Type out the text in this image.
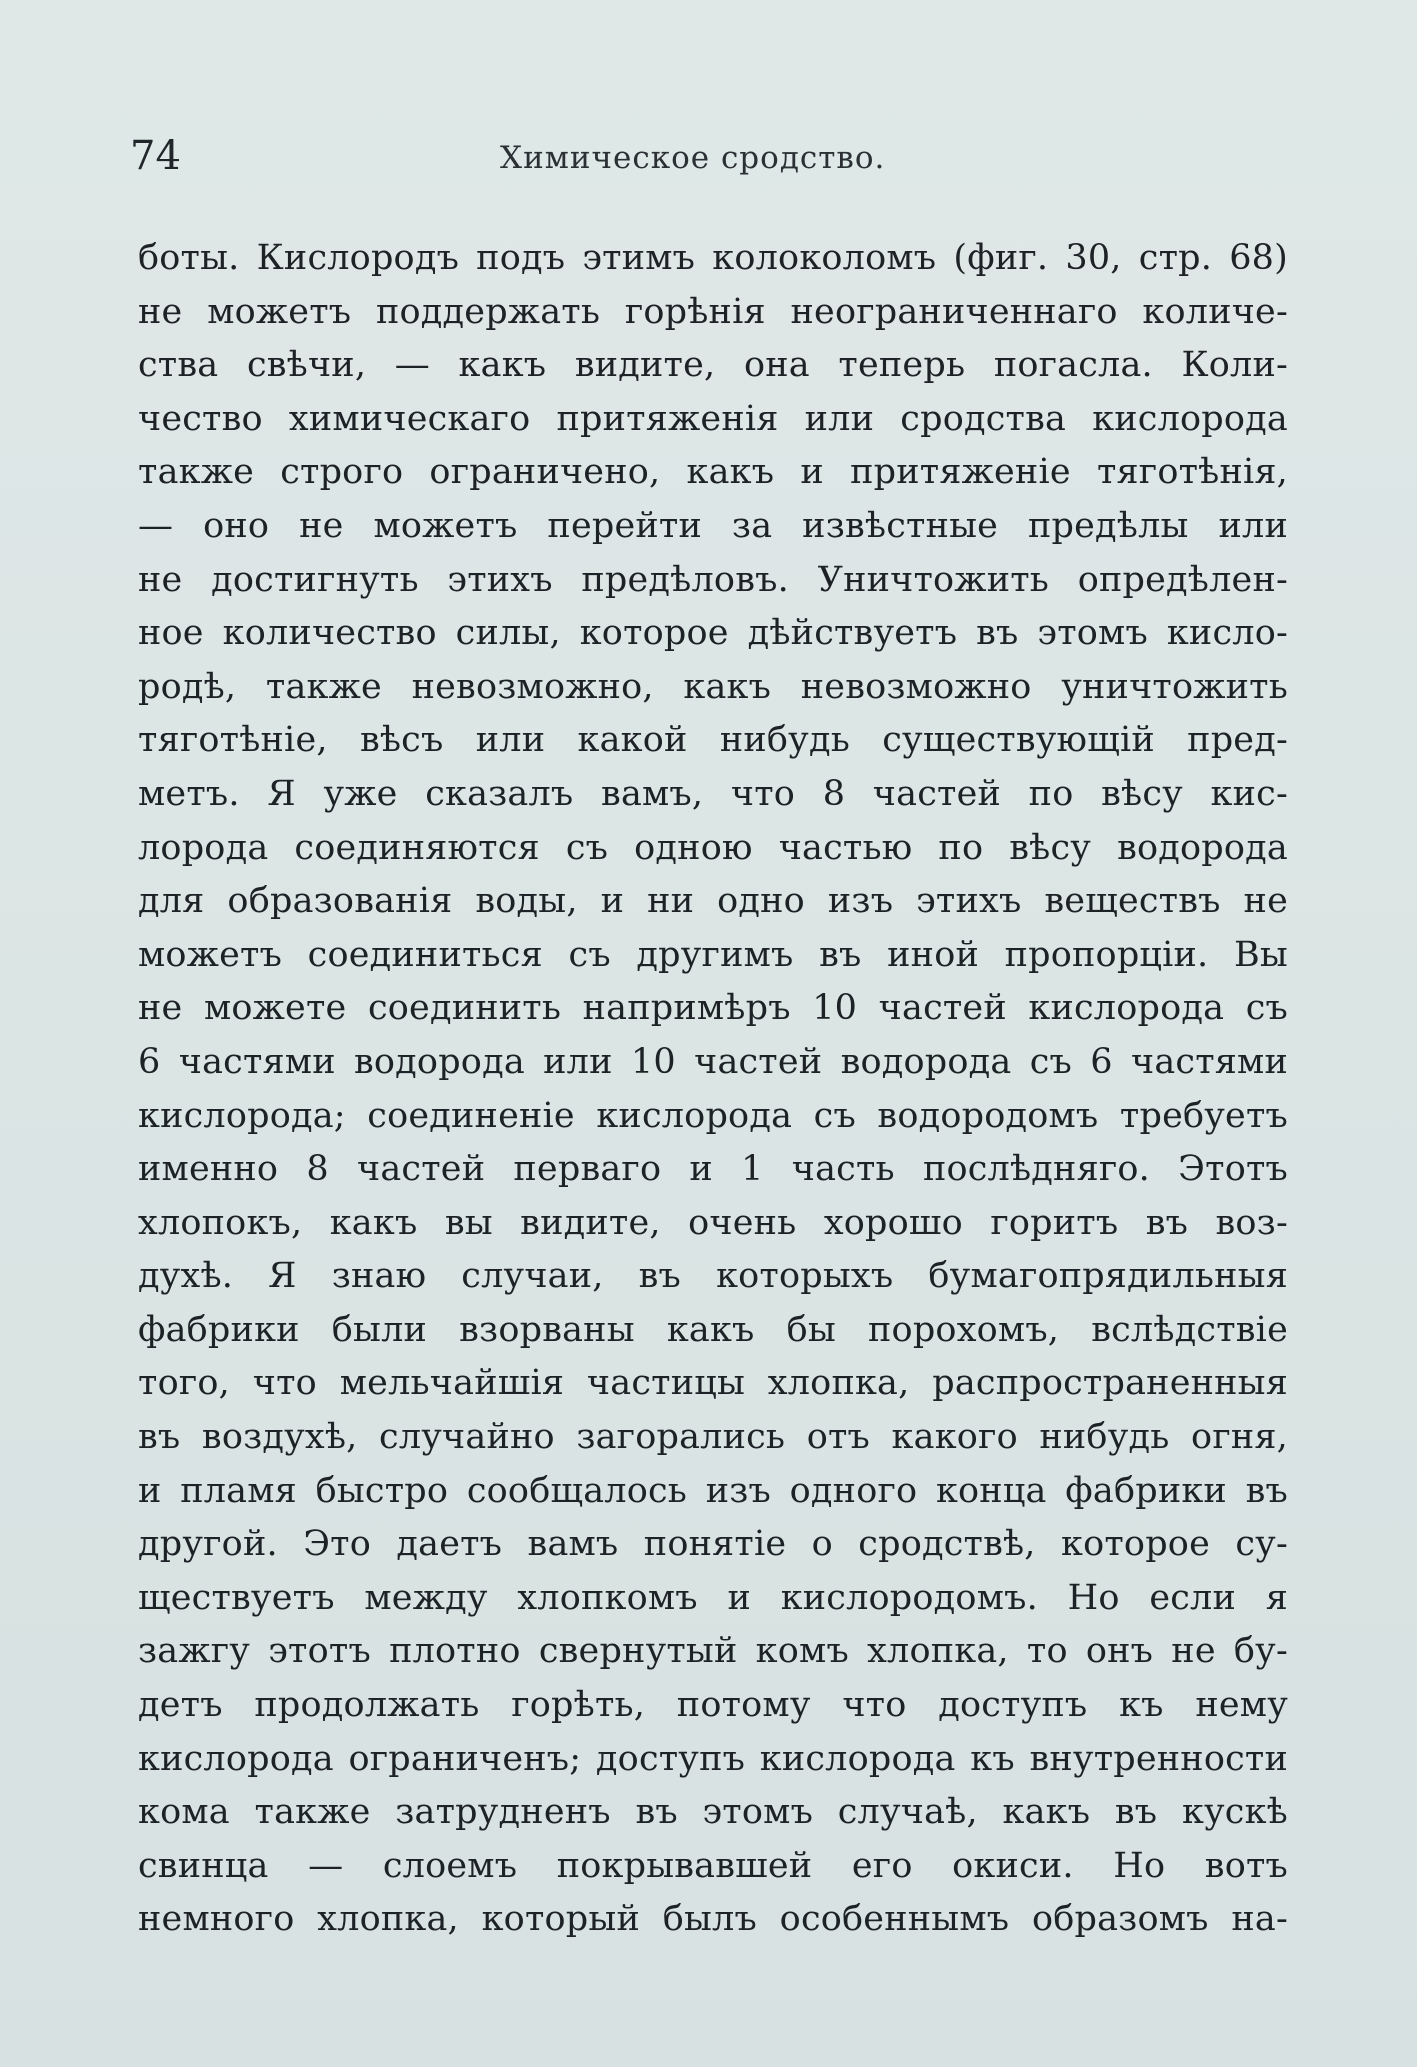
74	Химическое сродство.
боты. Кислородъ подъ этимъ колоколомъ (фиг. 30, стр. 68)
не можетъ поддержать горѣнія неограниченнаго количе-
ства свѣчи, — какъ видите, она теперь погасла. Коли-
чество химическаго притяженія или сродства кислорода
также строго ограничено, какъ и притяженіе тяготѣнія,
— оно не можетъ перейти за извѣстные предѣлы или
не достигнуть этихъ предѣловъ. Уничтожить опредѣлен-
ное количество силы, которое дѣйствуетъ въ этомъ кисло-
родѣ, также невозможно, какъ невозможно уничтожить
тяготѣніе, вѣсъ или какой нибудь существующій пред-
метъ. Я уже сказалъ вамъ, что 8 частей по вѣсу кис-
лорода соединяются съ одною частью по вѣсу водорода
для образованія воды, и ни одно изъ этихъ веществъ не
можетъ соединиться съ другимъ въ иной пропорціи. Вы
не можете соединить напримѣръ 10 частей кислорода съ
6 частями водорода или 10 частей водорода съ 6 частями
кислорода; соединеніе кислорода съ водородомъ требуетъ
именно 8 частей перваго и 1 часть послѣдняго. Этотъ
хлопокъ, какъ вы видите, очень хорошо горитъ въ воз-
духѣ. Я знаю случаи, въ которыхъ бумагопрядильныя
фабрики были взорваны какъ бы порохомъ, вслѣдствіе
того, что мельчайшія частицы хлопка, распространенныя
въ воздухѣ, случайно загорались отъ какого нибудь огня,
и пламя быстро сообщалось изъ одного конца фабрики въ
другой. Это даетъ вамъ понятіе о сродствѣ, которое су-
ществуетъ между хлопкомъ и кислородомъ. Но если я
зажгу этотъ плотно свернутый комъ хлопка, то онъ не бу-
детъ продолжать горѣть, потому что доступъ къ нему
кислорода ограниченъ; доступъ кислорода къ внутренности
кома также затрудненъ въ этомъ случаѣ, какъ въ кускѣ
свинца — слоемъ покрывавшей его окиси. Но вотъ
немного хлопка, который былъ особеннымъ образомъ на-
